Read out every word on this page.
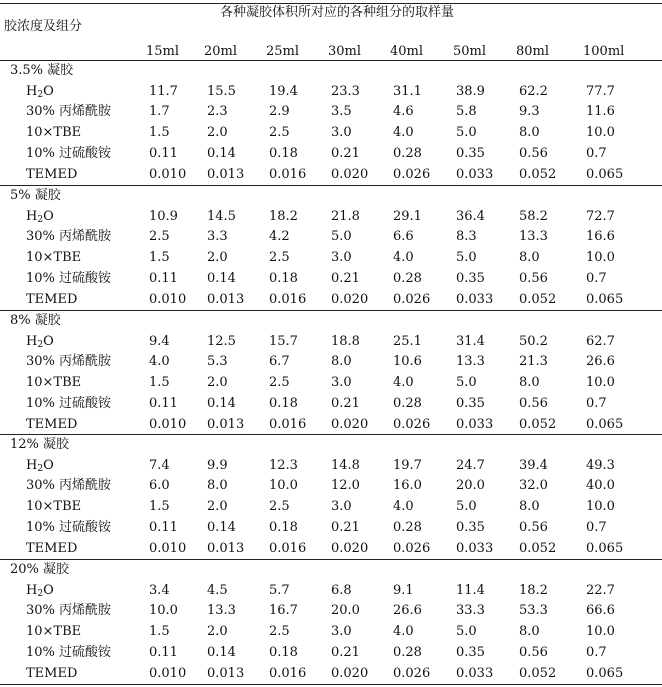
胶浓度及组分
各种凝胶体积所对应的各种组分的取样量
15ml 20ml 25ml 30ml 40ml 50ml 80ml	100ml
3.5% 凝胶
$H_2O$	11.7 15.5	19.4	23.3	31.1	38.9	62.2	77.7
30% 丙烯酰胺	1.7	2.3	2.9	3.5	4.6	5.8	9.3	11.6
10×TBE	1.5	2.0	2.5	3.0	4.0	5.0	8.0	10.0
10% 过硫酸铵	0.11 0.14	0.18	0.21	0.28	0.35	0.56	0.7
TEMED	0.010 0.013 0.016 0.020 0.026 0.033 0.052 0.065
5% 凝胶
$H_2O$	10.9 14.5	18.2	21.8	29.1	36.4	58.2	72.7
30% 丙烯酰胺	2.5	3.3	4.2	5.0	6.6	8.3	13.3	16.6
10×TBE	1.5	2.0	2.5	3.0	4.0	5.0	8.0	10.0
10% 过硫酸铵	0.11 0.14	0.18	0.21	0.28	0.35	0.56	0.7
TEMED	0.010 0.013 0.016 0.020 0.026 0.033 0.052 0.065
8% 凝胶
$H_2O$	9.4	12.5	15.7	18.8	25.1	31.4	50.2	62.7
30% 丙烯酰胺	4.0	5.3	6.7	8.0	10.6	13.3	21.3	26.6
10×TBE	1.5	2.0	2.5	3.0	4.0	5.0	8.0	10.0
10% 过硫酸铵	0.11 0.14	0.18	0.21	0.28	0.35	0.56	0.7
TEMED	0.010 0.013 0.016 0.020 0.026 0.033 0.052 0.065
12% 凝胶
$H_2O$	7.4	9.9	12.3	14.8	19.7	24.7	39.4	49.3
30% 丙烯酰胺	6.0	8.0	10.0	12.0	16.0	20.0	32.0	40.0
10×TBE	1.5	2.0	2.5	3.0	4.0	5.0	8.0	10.0
10% 过硫酸铵	0.11 0.14	0.18	0.21	0.28	0.35	0.56	0.7
TEMED	0.010 0.013 0.016 0.020 0.026 0.033 0.052 0.065
20% 凝胶
$H_2O$	3.4	4.5	5.7	6.8	9.1	11.4	18.2	22.7
30% 丙烯酰胺	10.0 13.3	16.7	20.0	26.6	33.3	53.3	66.6
10×TBE	1.5	2.0	2.5	3.0	4.0	5.0	8.0	10.0
10% 过硫酸铵	0.11 0.14	0.18	0.21	0.28	0.35	0.56	0.7
TEMED	0.010 0.013 0.016 0.020 0.026 0.033 0.052 0.065
